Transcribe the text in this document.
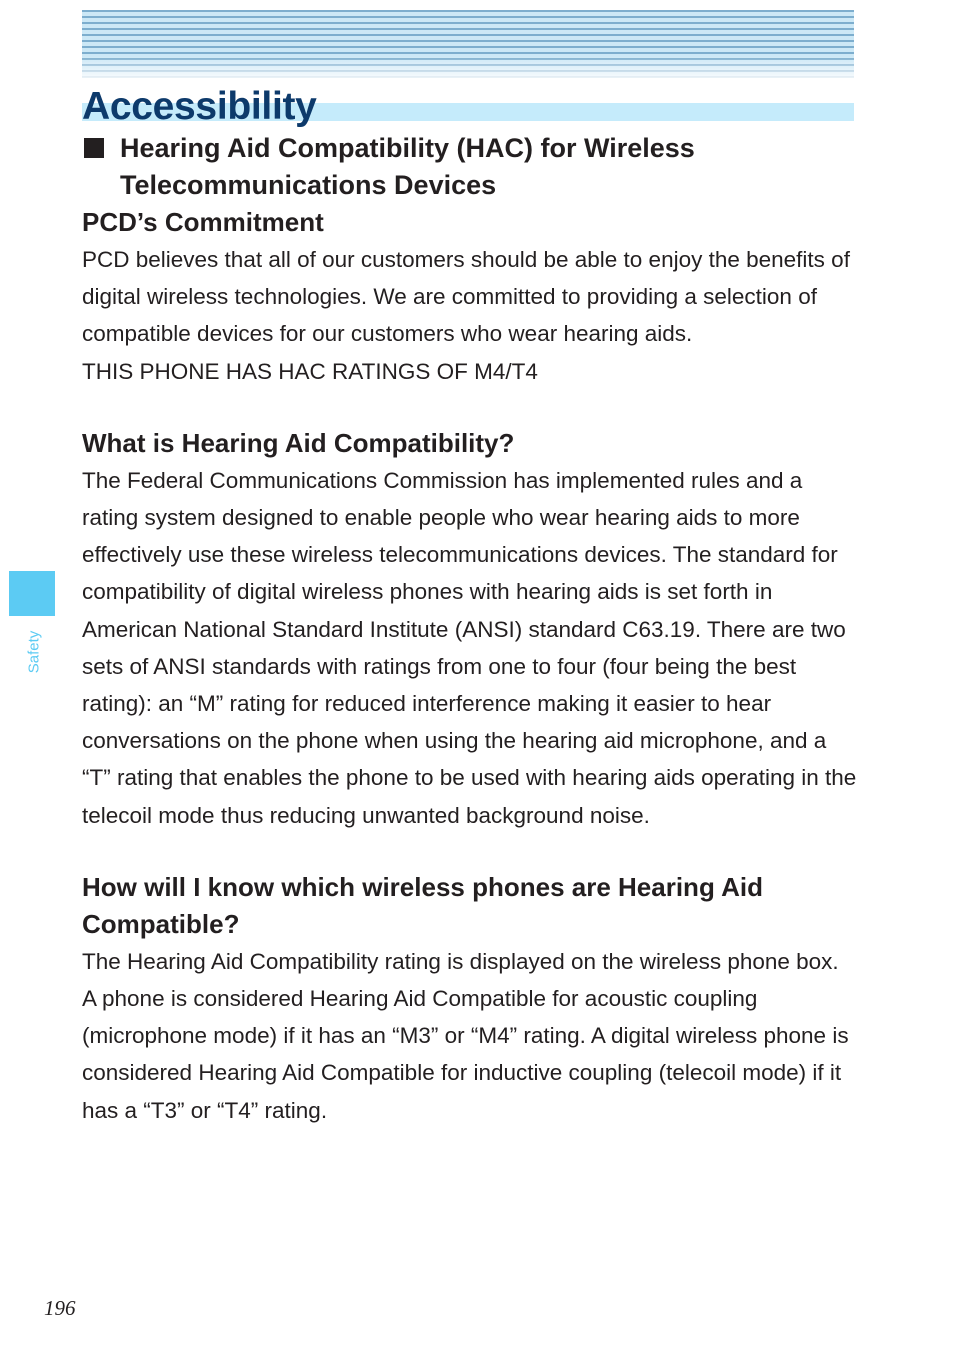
Accessibility
Safety
Hearing Aid Compatibility (HAC) for Wireless Telecommunications Devices
PCD’s Commitment

PCD believes that all of our customers should be able to enjoy the benefits of digital wireless technologies. We are committed to providing a selection of compatible devices for our customers who wear hearing aids.

THIS PHONE HAS HAC RATINGS OF M4/T4

What is Hearing Aid Compatibility?

The Federal Communications Commission has implemented rules and a rating system designed to enable people who wear hearing aids to more effectively use these wireless telecommunications devices. The standard for compatibility of digital wireless phones with hearing aids is set forth in American National Standard Institute (ANSI) standard C63.19. There are two sets of ANSI standards with ratings from one to four (four being the best rating): an “M” rating for reduced interference making it easier to hear conversations on the phone when using the hearing aid microphone, and a “T” rating that enables the phone to be used with hearing aids operating in the telecoil mode thus reducing unwanted background noise.

How will I know which wireless phones are Hearing Aid Compatible?

The Hearing Aid Compatibility rating is displayed on the wireless phone box.

A phone is considered Hearing Aid Compatible for acoustic coupling (microphone mode) if it has an “M3” or “M4” rating. A digital wireless phone is considered Hearing Aid Compatible for inductive coupling (telecoil mode) if it has a “T3” or “T4” rating.

196
